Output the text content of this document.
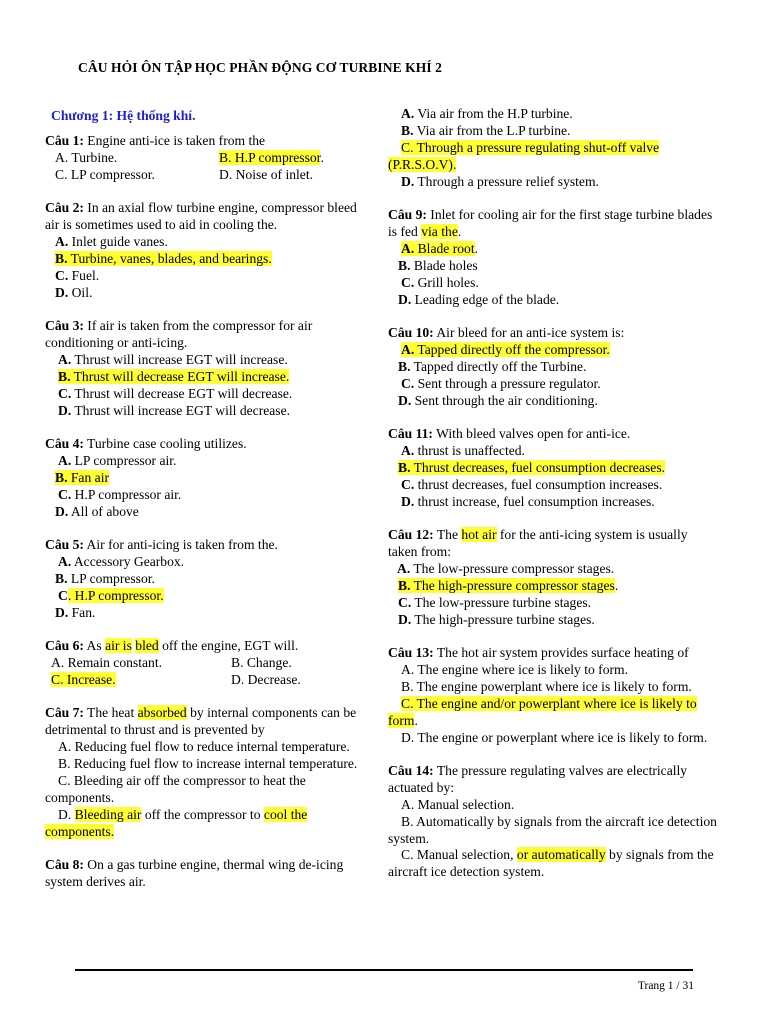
CÂU HỎI ÔN TẬP HỌC PHẦN ĐỘNG CƠ TURBINE KHÍ 2
Chương 1: Hệ thống khí.
Câu 1: Engine anti-ice is taken from the
A. Turbine.	B. H.P compressor.
C. LP compressor.	D. Noise of inlet.
Câu 2: In an axial flow turbine engine, compressor bleed air is sometimes used to aid in cooling the.
A. Inlet guide vanes.
B. Turbine, vanes, blades, and bearings.
C. Fuel.
D. Oil.
Câu 3: If air is taken from the compressor for air conditioning or anti-icing.
A. Thrust will increase EGT will increase.
B. Thrust will decrease EGT will increase.
C. Thrust will decrease EGT will decrease.
D. Thrust will increase EGT will decrease.
Câu 4: Turbine case cooling utilizes.
A. LP compressor air.
B. Fan air
C. H.P compressor air.
D. All of above
Câu 5: Air for anti-icing is taken from the.
A. Accessory Gearbox.
B. LP compressor.
C. H.P compressor.
D. Fan.
Câu 6: As air is bled off the engine, EGT will.
A. Remain constant.	B. Change.
C. Increase.	D. Decrease.
Câu 7: The heat absorbed by internal components can be detrimental to thrust and is prevented by
A. Reducing fuel flow to reduce internal temperature.
B. Reducing fuel flow to increase internal temperature.
C. Bleeding air off the compressor to heat the components.
D. Bleeding air off the compressor to cool the components.
Câu 8: On a gas turbine engine, thermal wing de-icing system derives air.
A. Via air from the H.P turbine.
B. Via air from the L.P turbine.
C. Through a pressure regulating shut-off valve (P.R.S.O.V).
D. Through a pressure relief system.
Câu 9: Inlet for cooling air for the first stage turbine blades is fed via the.
A. Blade root.
B. Blade holes
C. Grill holes.
D. Leading edge of the blade.
Câu 10: Air bleed for an anti-ice system is:
A. Tapped directly off the compressor.
B. Tapped directly off the Turbine.
C. Sent through a pressure regulator.
D. Sent through the air conditioning.
Câu 11: With bleed valves open for anti-ice.
A. thrust is unaffected.
B. Thrust decreases, fuel consumption decreases.
C. thrust decreases, fuel consumption increases.
D. thrust increase, fuel consumption increases.
Câu 12: The hot air for the anti-icing system is usually taken from:
A. The low-pressure compressor stages.
B. The high-pressure compressor stages.
C. The low-pressure turbine stages.
D. The high-pressure turbine stages.
Câu 13: The hot air system provides surface heating of
A. The engine where ice is likely to form.
B. The engine powerplant where ice is likely to form.
C. The engine and/or powerplant where ice is likely to form.
D. The engine or powerplant where ice is likely to form.
Câu 14: The pressure regulating valves are electrically actuated by:
A. Manual selection.
B. Automatically by signals from the aircraft ice detection system.
C. Manual selection, or automatically by signals from the aircraft ice detection system.
Trang 1 / 31
